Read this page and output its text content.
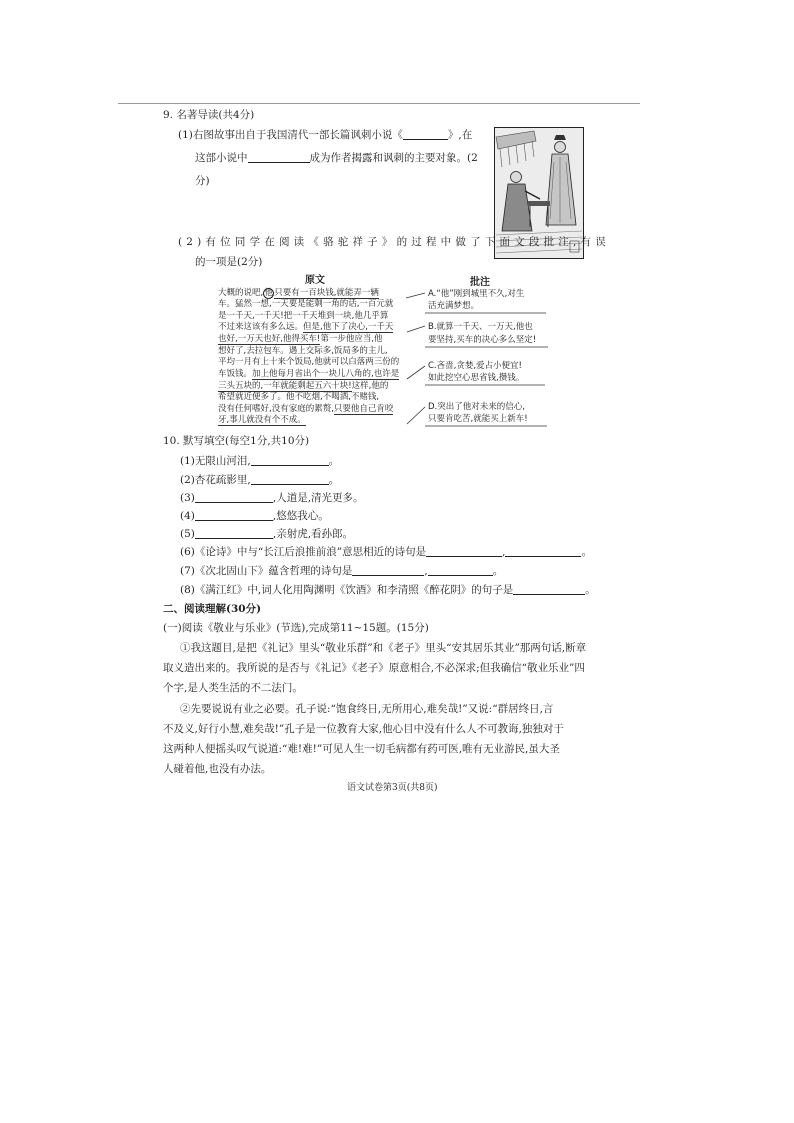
9. 名著导读(共4分)
(1)右图故事出自于我国清代一部长篇讽刺小说《	》,在
这部小说中	成为作者揭露和讽刺的主要对象。(2
分)
(2)有位同学在阅读《骆驼祥子》的过程中做了下面文段批注,有误
的一项是(2分)
原文	批注
大概的说吧,他只要有一百块钱,就能弄一辆
车。猛然一想,一天要是能剩一角的话,一百元就
是一千天,一千天!把一千天堆到一块,他几乎算
不过来这该有多么远。但是,他下了决心,一千天
也好,一万天也好,他得买车!第一步他应当,他
想好了,去拉包车。遇上交际多,饭局多的主儿,
平均一月有上十来个饭局,他就可以白落两三份的
车饭钱。加上他每月省出个一块儿八角的,也许是
三头五块的,一年就能剩起五六十块!这样,他的
希望就近便多了。他不吃烟,不喝酒,不赌钱,
没有任何嗜好,没有家庭的累赘,只要他自己肯咬
牙,事儿就没有个不成。
A.“他”刚到城里不久,对生
活充满梦想。
B.就算一千天、一万天,他也
要坚持,买车的决心多么坚定!
C.吝啬,贪婪,爱占小便宜!
如此挖空心思省钱,攒钱。
D.突出了他对未来的信心,
只要肯吃苦,就能买上新车!
10. 默写填空(每空1分,共10分)
(1)无限山河泪,	。
(2)杏花疏影里,	。
(3)	,人道是,清光更多。
(4)	,悠悠我心。
(5)	,亲射虎,看孙郎。
(6)《论诗》中与“长江后浪推前浪”意思相近的诗句是	,	。
(7)《次北固山下》蕴含哲理的诗句是	,	。
(8)《满江红》中,词人化用陶渊明《饮酒》和李清照《醉花阴》的句子是	。
二、阅读理解(30分)
(一)阅读《敬业与乐业》(节选),完成第11~15题。(15分)
①我这题目,是把《礼记》里头“敬业乐群”和《老子》里头“安其居乐其业”那两句话,断章
取义造出来的。我所说的是否与《礼记》《老子》原意相合,不必深求;但我确信“敬业乐业”四
个字,是人类生活的不二法门。
②先要说说有业之必要。孔子说:“饱食终日,无所用心,难矣哉!”又说:“群居终日,言
不及义,好行小慧,难矣哉!”孔子是一位教育大家,他心目中没有什么人不可教诲,独独对于
这两种人便摇头叹气说道:“难!难!”可见人生一切毛病都有药可医,唯有无业游民,虽大圣
人碰着他,也没有办法。
语文试卷第3页(共8页)
